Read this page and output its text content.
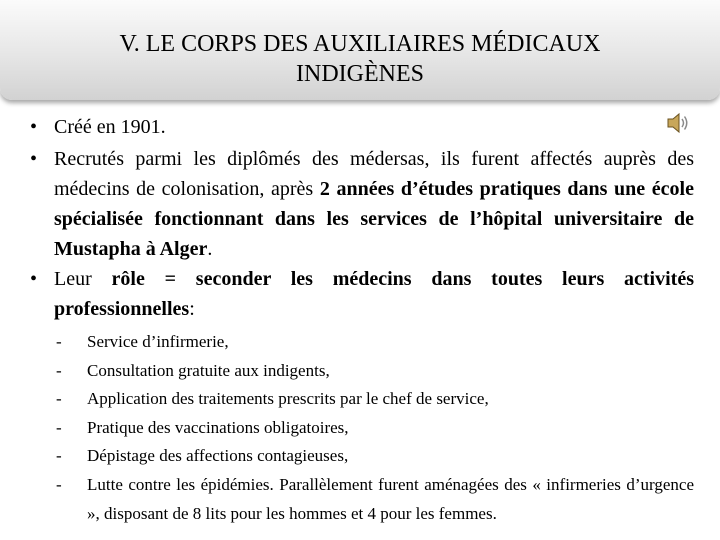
V. LE CORPS DES AUXILIAIRES MÉDICAUX
INDIGÈNES
• Créé en 1901.
• Recrutés parmi les diplômés des médersas, ils furent affectés auprès des médecins de colonisation, après 2 années d’études pratiques dans une école spécialisée fonctionnant dans les services de l’hôpital universitaire de Mustapha à Alger.
• Leur rôle = seconder les médecins dans toutes leurs activités professionnelles:
- Service d’infirmerie,
- Consultation gratuite aux indigents,
- Application des traitements prescrits par le chef de service,
- Pratique des vaccinations obligatoires,
- Dépistage des affections contagieuses,
- Lutte contre les épidémies. Parallèlement furent aménagées des « infirmeries d’urgence », disposant de 8 lits pour les hommes et 4 pour les femmes.
